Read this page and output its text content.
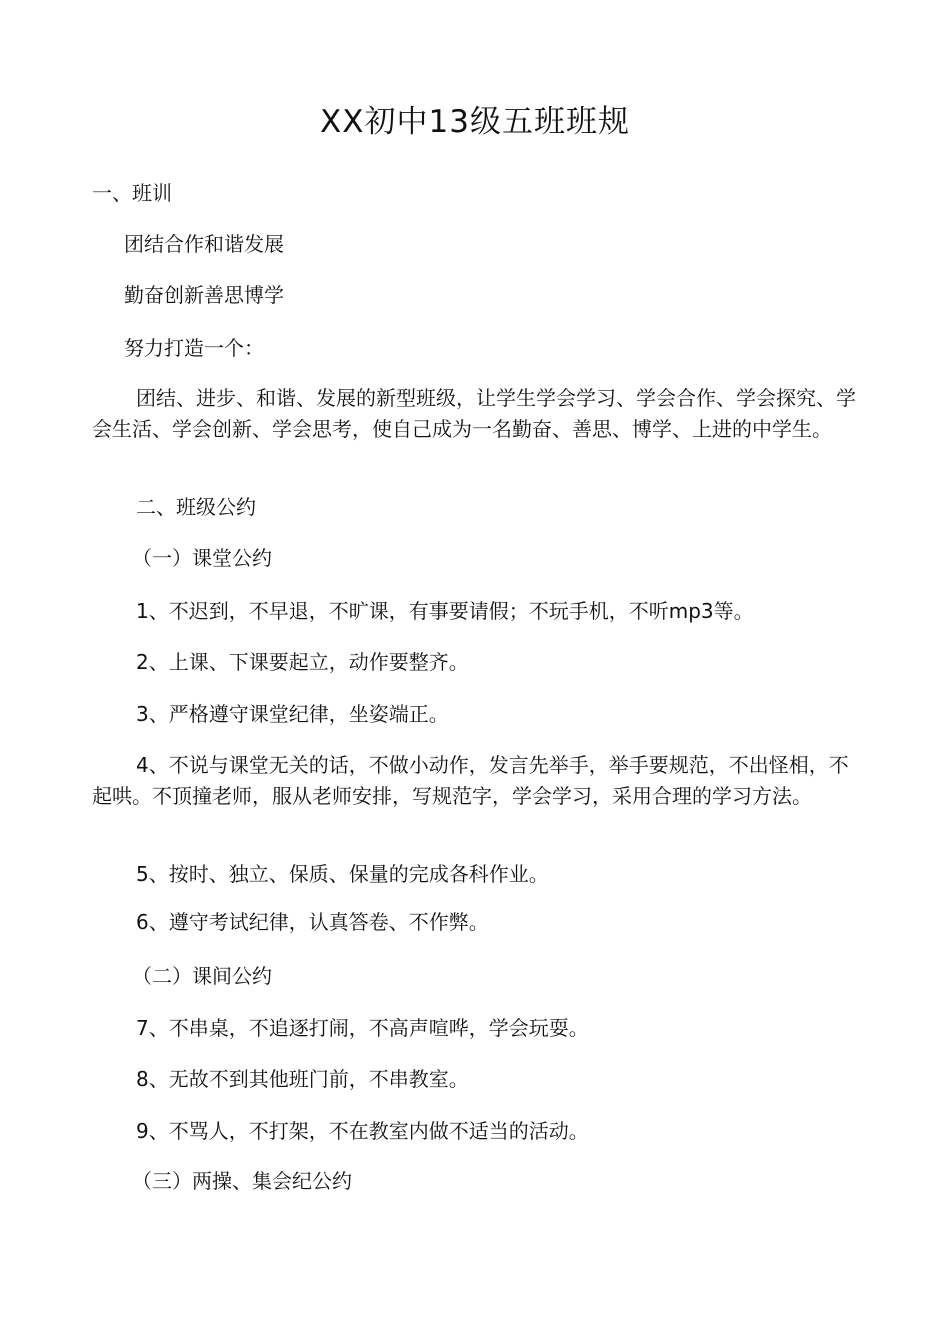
XX初中13级五班班规
一、班训
团结合作和谐发展
勤奋创新善思博学
努力打造一个：
团结、进步、和谐、发展的新型班级，让学生学会学习、学会合作、学会探究、学会生活、学会创新、学会思考，使自己成为一名勤奋、善思、博学、上进的中学生。
二、班级公约
（一）课堂公约
1、不迟到，不早退，不旷课，有事要请假；不玩手机，不听mp3等。
2、上课、下课要起立，动作要整齐。
3、严格遵守课堂纪律，坐姿端正。
4、不说与课堂无关的话，不做小动作，发言先举手，举手要规范，不出怪相，不起哄。不顶撞老师，服从老师安排，写规范字，学会学习，采用合理的学习方法。
5、按时、独立、保质、保量的完成各科作业。
6、遵守考试纪律，认真答卷、不作弊。
（二）课间公约
7、不串桌，不追逐打闹，不高声喧哗，学会玩耍。
8、无故不到其他班门前，不串教室。
9、不骂人，不打架，不在教室内做不适当的活动。
（三）两操、集会纪公约
